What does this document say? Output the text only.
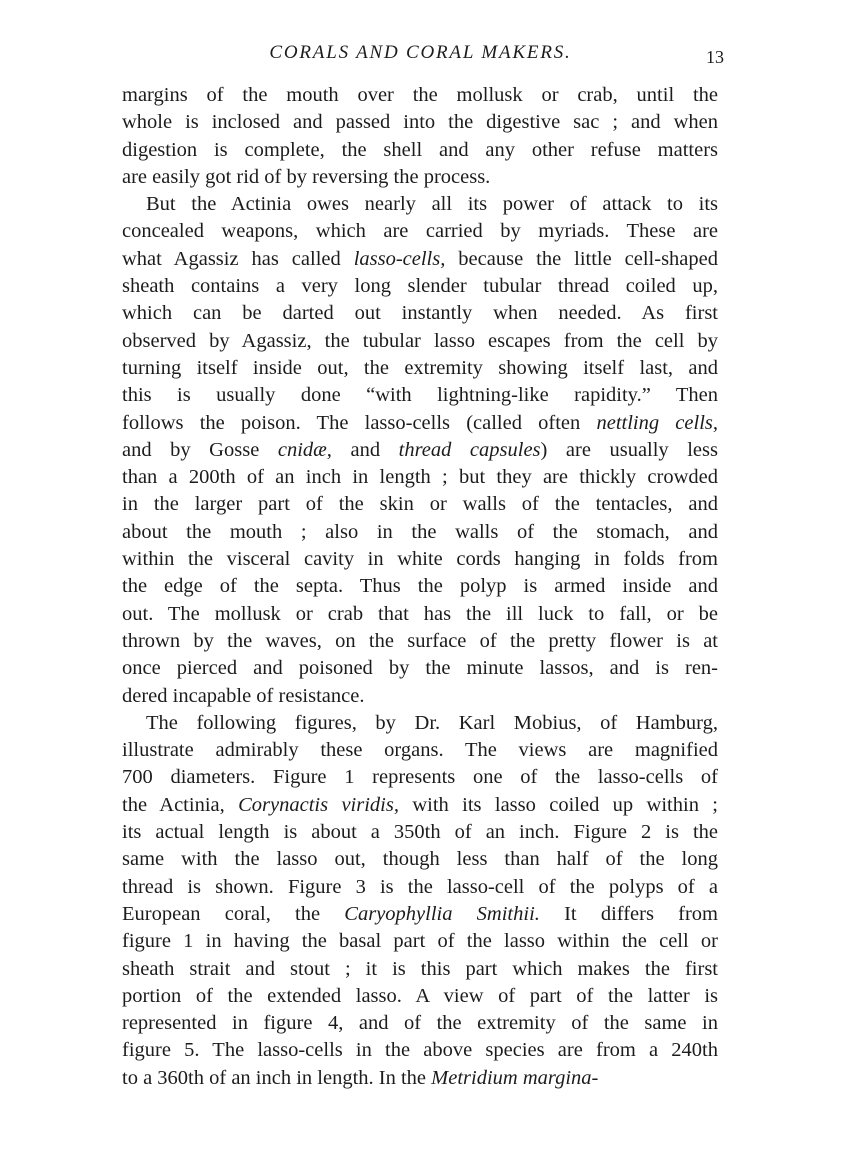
CORALS AND CORAL MAKERS.	13
margins of the mouth over the mollusk or crab, until the
whole is inclosed and passed into the digestive sac ; and when
digestion is complete, the shell and any other refuse matters
are easily got rid of by reversing the process.
But the Actinia owes nearly all its power of attack to its
concealed weapons, which are carried by myriads. These are
what Agassiz has called lasso-cells, because the little cell-shaped
sheath contains a very long slender tubular thread coiled up,
which can be darted out instantly when needed. As first
observed by Agassiz, the tubular lasso escapes from the cell by
turning itself inside out, the extremity showing itself last, and
this is usually done “with lightning-like rapidity.” Then
follows the poison. The lasso-cells (called often nettling cells,
and by Gosse cnidæ, and thread capsules) are usually less
than a 200th of an inch in length ; but they are thickly crowded
in the larger part of the skin or walls of the tentacles, and
about the mouth ; also in the walls of the stomach, and
within the visceral cavity in white cords hanging in folds from
the edge of the septa. Thus the polyp is armed inside and
out. The mollusk or crab that has the ill luck to fall, or be
thrown by the waves, on the surface of the pretty flower is at
once pierced and poisoned by the minute lassos, and is ren-
dered incapable of resistance.
The following figures, by Dr. Karl Mobius, of Hamburg,
illustrate admirably these organs. The views are magnified
700 diameters. Figure 1 represents one of the lasso-cells of
the Actinia, Corynactis viridis, with its lasso coiled up within ;
its actual length is about a 350th of an inch. Figure 2 is the
same with the lasso out, though less than half of the long
thread is shown. Figure 3 is the lasso-cell of the polyps of a
European coral, the Caryophyllia Smithii. It differs from
figure 1 in having the basal part of the lasso within the cell or
sheath strait and stout ; it is this part which makes the first
portion of the extended lasso. A view of part of the latter is
represented in figure 4, and of the extremity of the same in
figure 5. The lasso-cells in the above species are from a 240th
to a 360th of an inch in length. In the Metridium margina-
